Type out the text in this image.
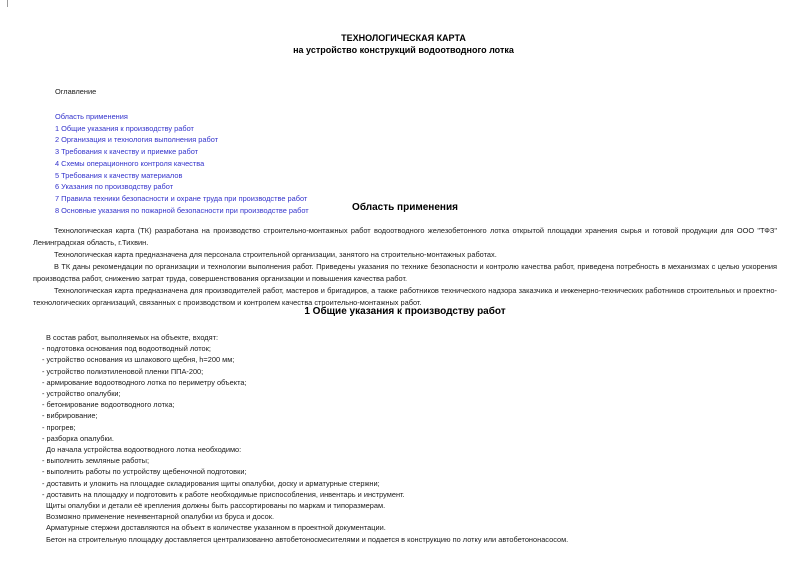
ТЕХНОЛОГИЧЕСКАЯ КАРТА
на устройство конструкций водоотводного лотка
Оглавление
Область применения
1 Общие указания к производству работ
2 Организация и технология выполнения работ
3 Требования к качеству и приемке работ
4 Схемы операционного контроля качества
5 Требования к качеству материалов
6 Указания по производству работ
7 Правила техники безопасности и охране труда при производстве работ
8 Основные указания по пожарной безопасности при производстве работ	Область применения
Технологическая карта (ТК) разработана на производство строительно-монтажных работ водоотводного железобетонного лотка открытой площадки хранения сырья и готовой продукции для ООО "ТФЗ"
Ленинградская область, г.Тихвин.
Технологическая карта предназначена для персонала строительной организации, занятого на строительно-монтажных работах.
В ТК даны рекомендации по организации и технологии выполнения работ. Приведены указания по технике безопасности и контролю качества работ, приведена потребность в механизмах с целью ускорения
производства работ, снижению затрат труда, совершенствования организации и повышения качества работ.
Технологическая карта предназначена для производителей работ, мастеров и бригадиров, а также работников технического надзора заказчика и инженерно-технических работников строительных и проектно-
технологических организаций, связанных с производством и контролем качества строительно-монтажных работ.
1 Общие указания к производству работ
В состав работ, выполняемых на объекте, входят:
- подготовка основания под водоотводный лоток;
- устройство основания из шлакового щебня, h=200 мм;
- устройство полиэтиленовой пленки ППА-200;
- армирование водоотводного лотка по периметру объекта;
- устройство опалубки;
- бетонирование водоотводного лотка;
- вибрирование;
- прогрев;
- разборка опалубки.
До начала устройства водоотводного лотка необходимо:
- выполнить земляные работы;
- выполнить работы по устройству щебеночной подготовки;
- доставить и уложить на площадке складирования щиты опалубки, доску и арматурные стержни;
- доставить на площадку и подготовить к работе необходимые приспособления, инвентарь и инструмент.
Щиты опалубки и детали её крепления должны быть рассортированы по маркам и типоразмерам.
Возможно применение неинвентарной опалубки из бруса и досок.
Арматурные стержни доставляются на объект в количестве указанном в проектной документации.
Бетон на строительную площадку доставляется централизованно автобетоносмесителями и подается в конструкцию по лотку или автобетононасосом.
